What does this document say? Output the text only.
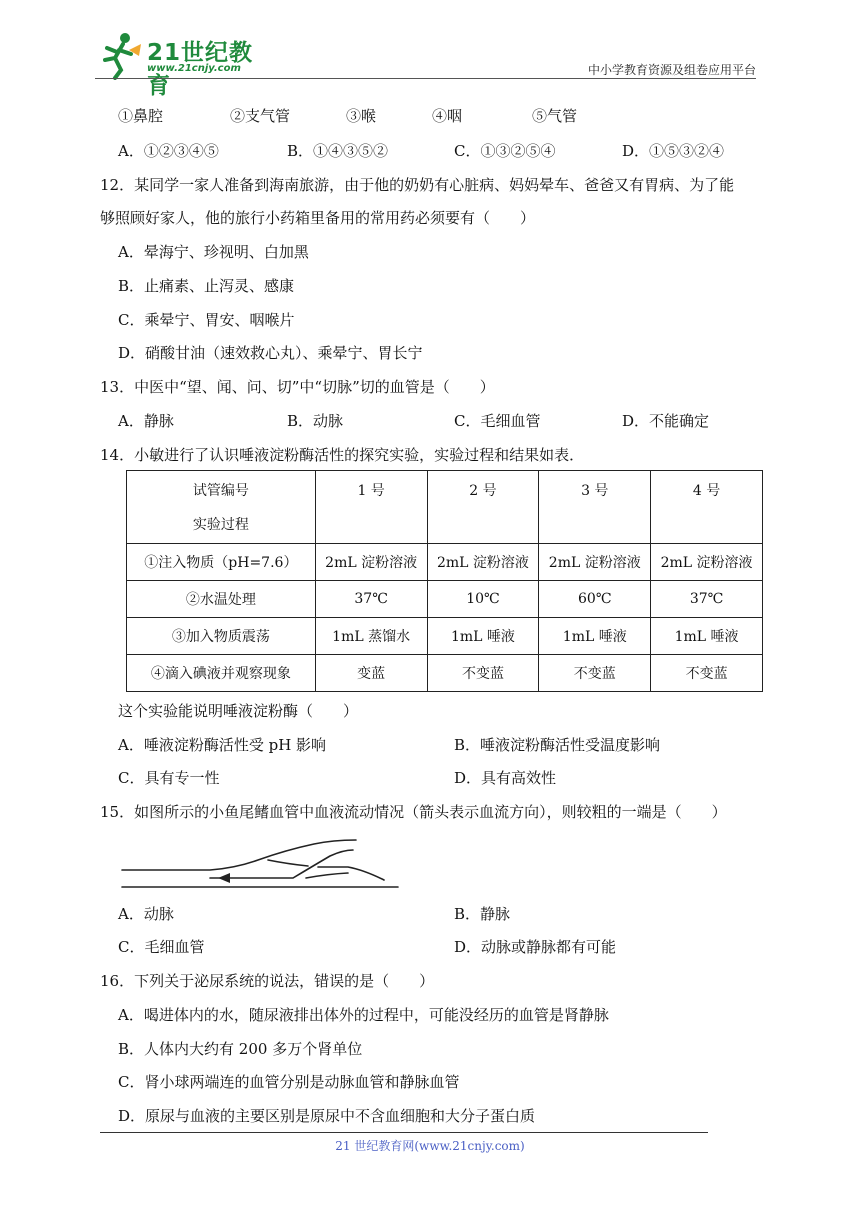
21世纪教育
www.21cnjy.com	中小学教育资源及组卷应用平台
①鼻腔	②支气管	③喉	④咽	⑤气管
A．①②③④⑤	B．①④③⑤②	C．①③②⑤④	D．①⑤③②④
12．某同学一家人准备到海南旅游，由于他的奶奶有心脏病、妈妈晕车、爸爸又有胃病、为了能
够照顾好家人，他的旅行小药箱里备用的常用药必须要有（　　）
A．晕海宁、珍视明、白加黑
B．止痛素、止泻灵、感康
C．乘晕宁、胃安、咽喉片
D．硝酸甘油（速效救心丸）、乘晕宁、胃长宁
13．中医中“望、闻、问、切”中“切脉”切的血管是（　　）
A．静脉	B．动脉	C．毛细血管	D．不能确定
14．小敏进行了认识唾液淀粉酶活性的探究实验，实验过程和结果如表．
试管编号
实验过程	1 号	2 号	3 号	4 号

①注入物质（pH=7.6）	2mL 淀粉溶液	2mL 淀粉溶液	2mL 淀粉溶液	2mL 淀粉溶液
②水温处理	37℃	10℃	60℃	37℃
③加入物质震荡	1mL 蒸馏水	1mL 唾液	1mL 唾液	1mL 唾液
④滴入碘液并观察现象	变蓝	不变蓝	不变蓝	不变蓝
这个实验能说明唾液淀粉酶（　　）
A．唾液淀粉酶活性受 pH 影响	B．唾液淀粉酶活性受温度影响
C．具有专一性	D．具有高效性
15．如图所示的小鱼尾鳍血管中血液流动情况（箭头表示血流方向），则较粗的一端是（　　）
A．动脉	B．静脉
C．毛细血管	D．动脉或静脉都有可能
16．下列关于泌尿系统的说法，错误的是（　　）
A．喝进体内的水，随尿液排出体外的过程中，可能没经历的血管是肾静脉
B．人体内大约有 200 多万个肾单位
C．肾小球两端连的血管分别是动脉血管和静脉血管
D．原尿与血液的主要区别是原尿中不含血细胞和大分子蛋白质
21 世纪教育网(www.21cnjy.com)
